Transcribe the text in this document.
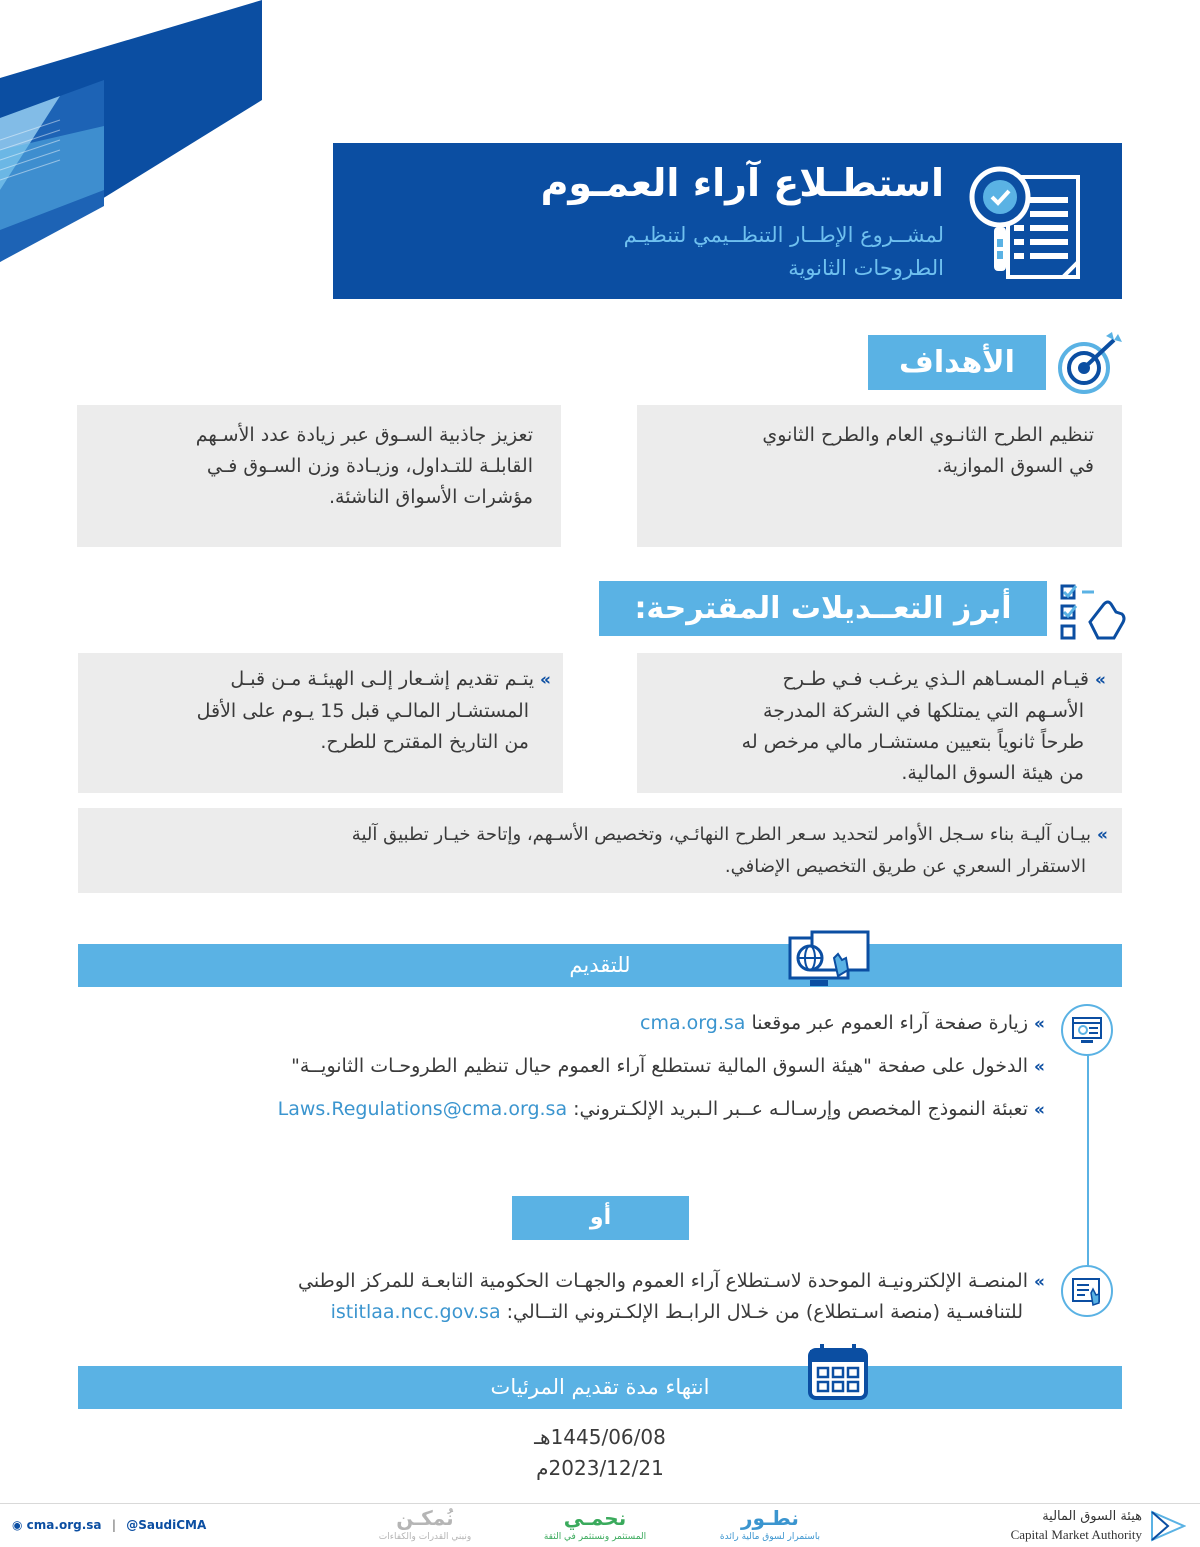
استطـلاع آراء العمـوم
لمشــروع الإطــار التنظــيمي لتنظيـم
الطروحات الثانوية
الأهداف

تنظيم الطرح الثانـوي العام والطرح الثانوي

في السوق الموازية.

تعزيز جاذبية السـوق عبر زيادة عدد الأسـهم

القابلـة للتـداول، وزيـادة وزن السـوق فـي

مؤشرات الأسواق الناشئة.

أبرز التعــديلات المقترحة:

»قيـام المسـاهم الـذي يرغـب فـي طـرح

الأسـهم التي يمتلكها في الشركة المدرجة

طرحاً ثانوياً بتعيين مستشـار مالي مرخص له

من هيئة السوق المالية.

»يتـم تقديم إشـعار إلـى الهيئـة مـن قبـل

المستشـار المالـي قبل 15 يـوم على الأقل

من التاريخ المقترح للطرح.

»بيـان آليـة بناء سـجل الأوامر لتحديد سـعر الطرح النهائـي، وتخصيص الأسـهم، وإتاحة خيـار تطبيق آلية

الاستقرار السعري عن طريق التخصيص الإضافي.

للتقديم
»زيارة صفحة آراء العموم عبر موقعنا cma.org.sa
»الدخول على صفحة "هيئة السوق المالية تستطلع آراء العموم حيال تنظيم الطروحـات الثانويــة"
»تعبئة النموذج المخصص وإرسـالـه عــبر الـبريد الإلكـتروني: Laws.Regulations@cma.org.sa
أو

»المنصـة الإلكترونيـة الموحدة لاسـتطلاع آراء العموم والجهـات الحكومية التابعـة للمركز الوطني

للتنافسـية (منصة اسـتطلاع) من خـلال الرابـط الإلكـتروني التــالي: istitlaa.ncc.gov.sa

انتهاء مدة تقديم المرئيات
1445/06/08هـ
2023/12/21م
هيئة السوق المالية
Capital Market Authority
نطـور
باستمرار لسوق مالية رائدة
نحمـي
المستثمر ونستثمر في الثقة
نُمكـن
ونبني القدرات والكفاءات
◉ cma.org.sa | @SaudiCMA
